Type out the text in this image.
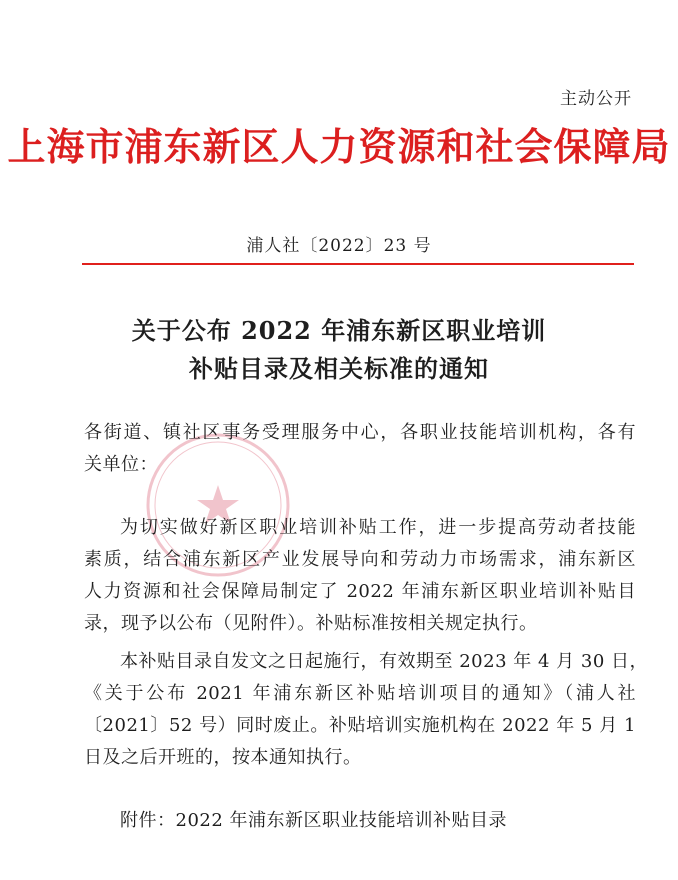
主动公开
上海市浦东新区人力资源和社会保障局
浦人社〔2022〕23 号
关于公布 2022 年浦东新区职业培训
补贴目录及相关标准的通知
各街道、镇社区事务受理服务中心，各职业技能培训机构，各有
关单位：
为切实做好新区职业培训补贴工作，进一步提高劳动者技能
素质，结合浦东新区产业发展导向和劳动力市场需求，浦东新区
人力资源和社会保障局制定了 2022 年浦东新区职业培训补贴目
录，现予以公布（见附件）。补贴标准按相关规定执行。
本补贴目录自发文之日起施行，有效期至 2023 年 4 月 30 日，
《关于公布 2021 年浦东新区补贴培训项目的通知》（浦人社
〔2021〕52 号）同时废止。补贴培训实施机构在 2022 年 5 月 1
日及之后开班的，按本通知执行。
附件：2022 年浦东新区职业技能培训补贴目录
